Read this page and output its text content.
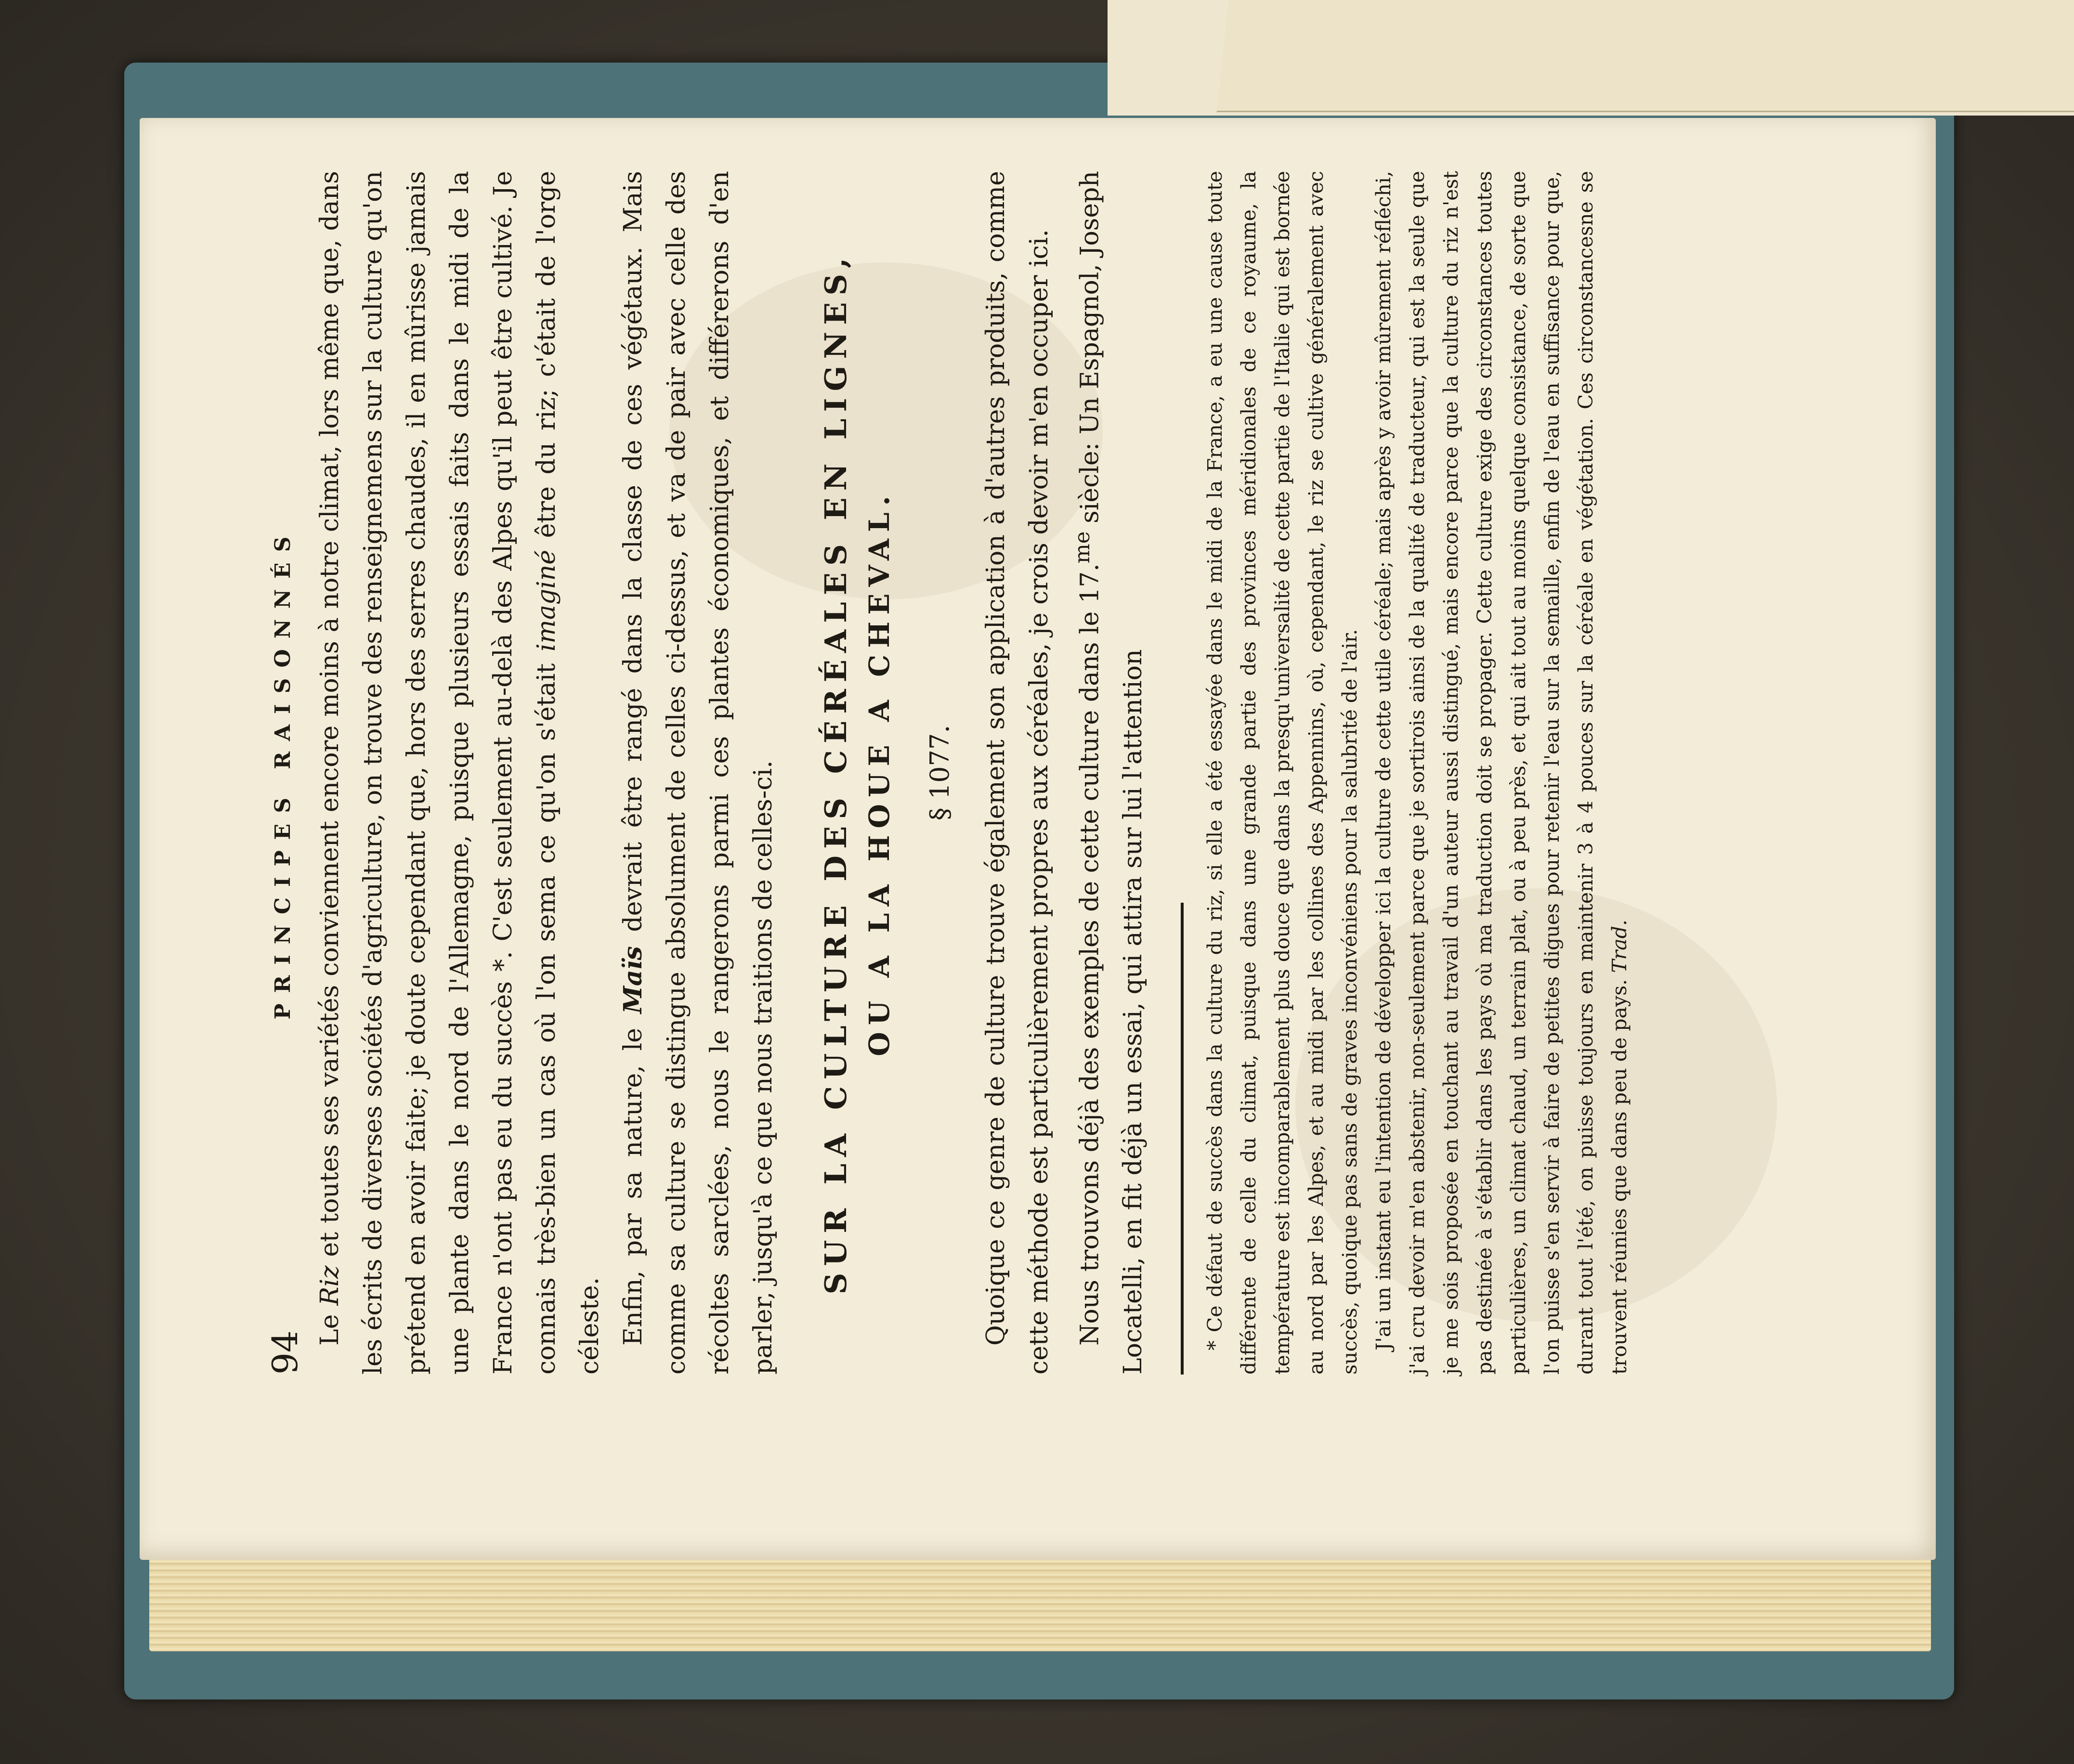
94
PRINCIPES RAISONNÉS

Le Riz et toutes ses variétés conviennent encore moins à notre climat, lors même que, dans les écrits de diverses sociétés d'agriculture, on trouve des renseignemens sur la culture qu'on prétend en avoir faite; je doute cependant que, hors des serres chaudes, il en mûrisse jamais une plante dans le nord de l'Allemagne, puisque plusieurs essais faits dans le midi de la France n'ont pas eu du succès *. C'est seulement au-delà des Alpes qu'il peut être cultivé. Je connais très-bien un cas où l'on sema ce qu'on s'était imaginé être du riz; c'était de l'orge céleste. Enfin, par sa nature, le Maïs devrait être rangé dans la classe de ces végétaux. Mais comme sa culture se distingue absolument de celles ci-dessus, et va de pair avec celle des récoltes sarclées, nous le rangerons parmi ces plantes économiques, et différerons d'en parler, jusqu'à ce que nous traitions de celles-ci. SUR LA CULTURE DES CÉRÉALES EN LIGNES, OU A LA HOUE A CHEVAL. § 1077. Quoique ce genre de culture trouve également son application à d'autres produits, comme cette méthode est particulièrement propres aux céréales, je crois devoir m'en occuper ici. Nous trouvons déjà des exemples de cette culture dans le 17.$^{me}$ siècle: Un Espagnol, Joseph Locatelli, en fit déjà un essai, qui attira sur lui l'attention	* Ce défaut de succès dans la culture du riz, si elle a été essayée dans le midi de la France, a eu une cause toute différente de celle du climat, puisque dans une grande partie des provinces méridionales de ce royaume, la température est incomparablement plus douce que dans la presqu'universalité de cette partie de l'Italie qui est bornée au nord par les Alpes, et au midi par les collines des Appennins, où, cependant, le riz se cultive généralement avec succès, quoique pas sans de graves inconvéniens pour la salubrité de l'air. J'ai un instant eu l'intention de développer ici la culture de cette utile céréale; mais après y avoir mûrement réfléchi, j'ai cru devoir m'en abstenir, non-seulement parce que je sortirois ainsi de la qualité de traducteur, qui est la seule que je me sois proposée en touchant au travail d'un auteur aussi distingué, mais encore parce que la culture du riz n'est pas destinée à s'établir dans les pays où ma traduction doit se propager. Cette culture exige des circonstances toutes particulières, un climat chaud, un terrain plat, ou à peu près, et qui ait tout au moins quelque consistance, de sorte que l'on puisse s'en servir à faire de petites digues pour retenir l'eau sur la semaille, enfin de l'eau en suffisance pour que, durant tout l'été, on puisse toujours en maintenir 3 à 4 pouces sur la céréale en végétation. Ces circonstancesne se trouvent réunies que dans peu de pays. Trad.
